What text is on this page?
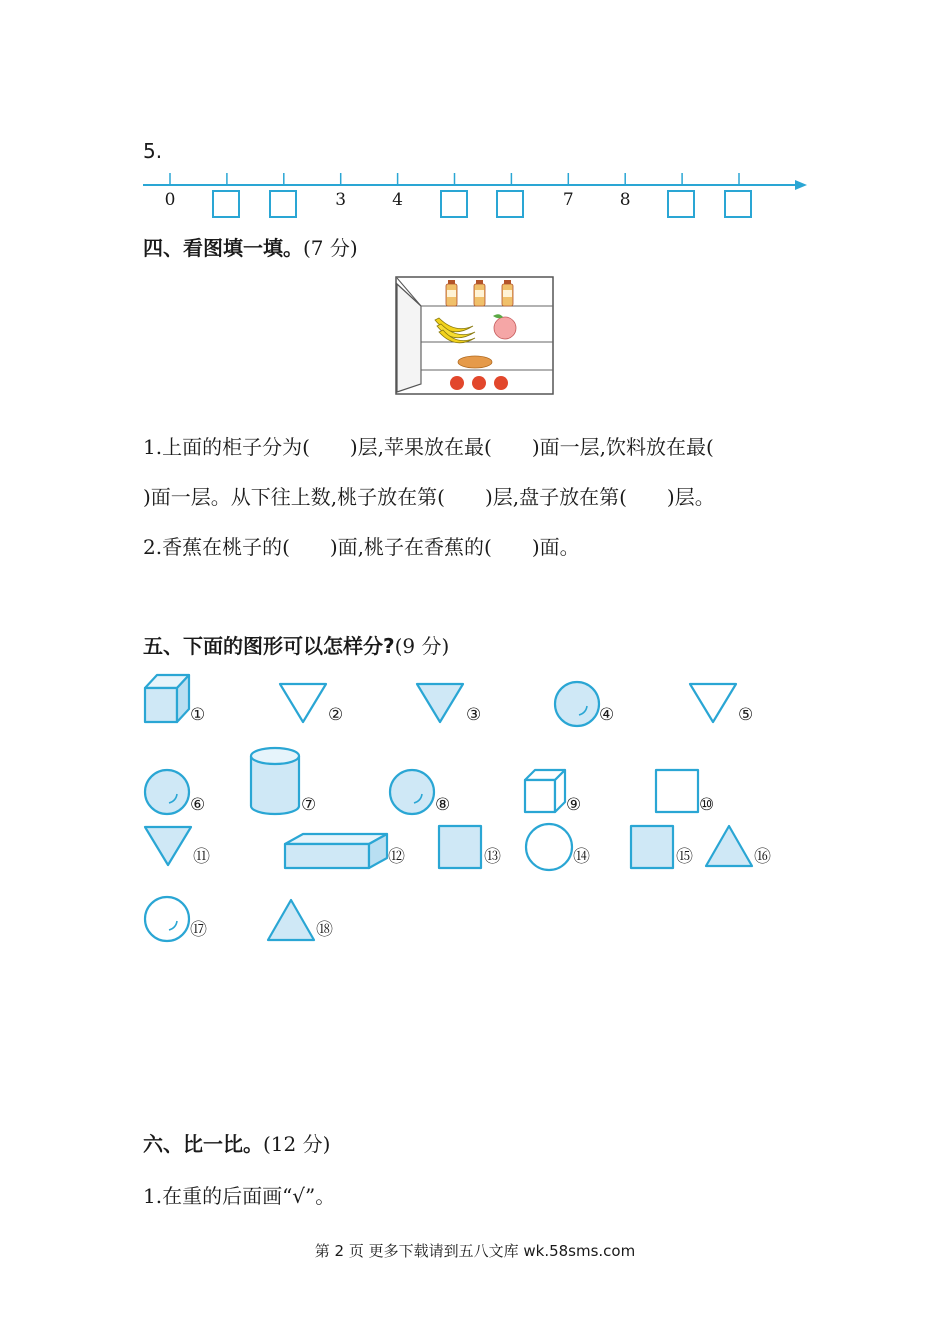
5.
0	3	4	7	8
四、看图填一填。(7 分)
1.上面的柜子分为(　　)层,苹果放在最(　　)面一层,饮料放在最(
)面一层。从下往上数,桃子放在第(　　)层,盘子放在第(　　)层。
2.香蕉在桃子的(　　)面,桃子在香蕉的(　　)面。
五、下面的图形可以怎样分?(9 分)
①	②	③	④	⑤
⑥	⑦	⑧	⑨	⑩
⑪	⑫	⑬	⑭	⑮	⑯
⑰	⑱
六、比一比。(12 分)
1.在重的后面画“√”。
第 2 页 更多下载请到五八文库 wk.58sms.com
